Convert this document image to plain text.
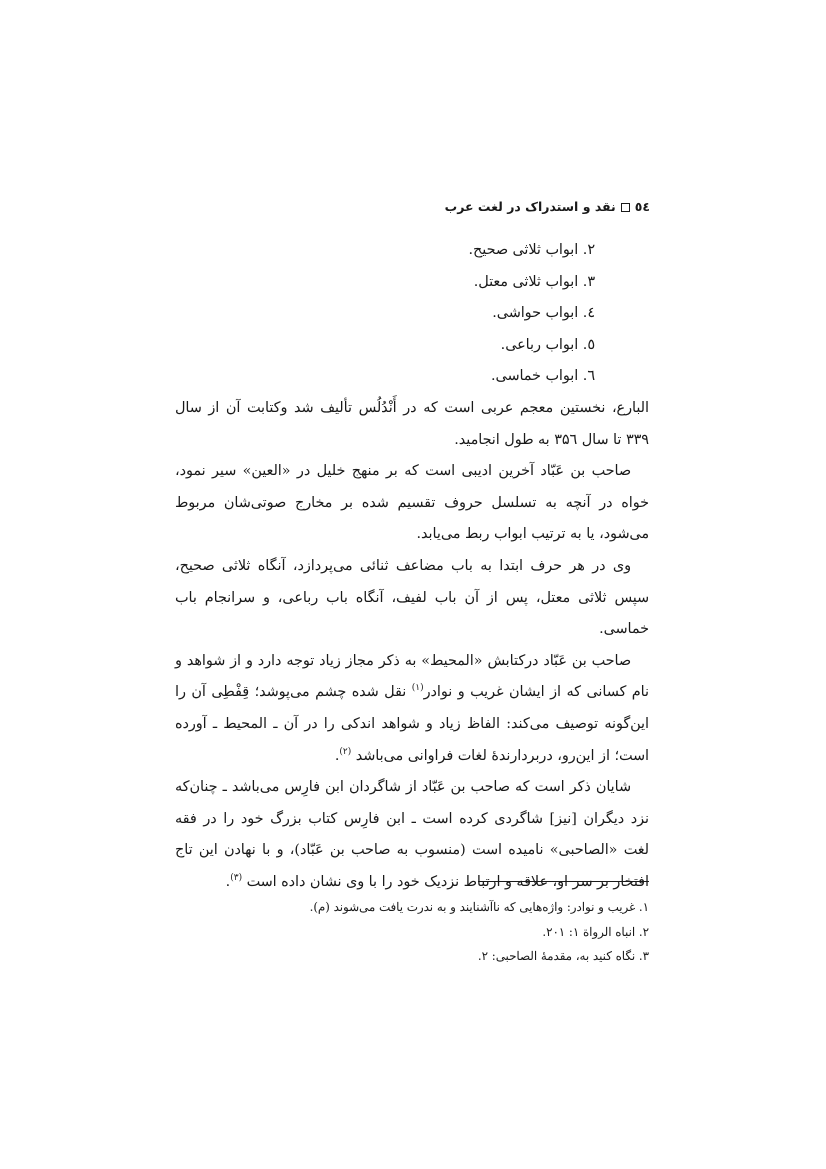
٥٤
نقد و استدراک در لغت عرب

۲. ابواب ثلاثی صحیح.

۳. ابواب ثلاثی معتل.

٤. ابواب حواشی.

٥. ابواب رباعی.

٦. ابواب خماسی.

البارع، نخستین معجم عربی است که در أَنْدُلُس تألیف شد وکتابت آن از سال ۳۳۹ تا سال ۳۵٦ به طول انجامید.

صاحب بن عَبّاد آخرین ادیبی است که بر منهج خلیل در «العین» سیر نمود، خواه در آنچه به تسلسل حروف تقسیم شده بر مخارج صوتی‌شان مربوط می‌شود، یا به ترتیب ابواب ربط می‌یابد.

وی در هر حرف ابتدا به باب مضاعف ثنائی می‌پردازد، آنگاه ثلاثی صحیح، سپس ثلاثی معتل، پس از آن باب لفیف، آنگاه باب رباعی، و سرانجام باب خماسی.

صاحب بن عَبّاد درکتابش «المحیط» به ذکر مجاز زیاد توجه دارد و از شواهد و نام کسانی که از ایشان غریب و نوادر$^{(۱)}$ نقل شده چشم می‌پوشد؛ قِفْطِی آن را این‌گونه توصیف می‌کند: الفاظ زیاد و شواهد اندکی را در آن ـ المحیط ـ آورده است؛ از این‌رو، دربردارندهٔ لغات فراوانی می‌باشد $^{(۲)}$.

شایان ذکر است که صاحب بن عَبّاد از شاگردان ابن فارِس می‌باشد ـ چنان‌که نزد دیگران [نیز] شاگردی کرده است ـ ابن فارِس کتاب بزرگ خود را در فقه لغت «الصاحبی» نامیده است (منسوب به صاحب بن عَبّاد)، و با نهادن این تاج افتخار بر سر او، علاقه و ارتباط نزدیک خود را با وی نشان داده است $^{(۳)}$.

۱. غریب و نوادر: واژه‌هایی که ناآشنایند و به ندرت یافت می‌شوند (م).

۲. انباه الرواة ۱: ۲۰۱.

۳. نگاه کنید به، مقدمهٔ الصاحبی: ۲.
